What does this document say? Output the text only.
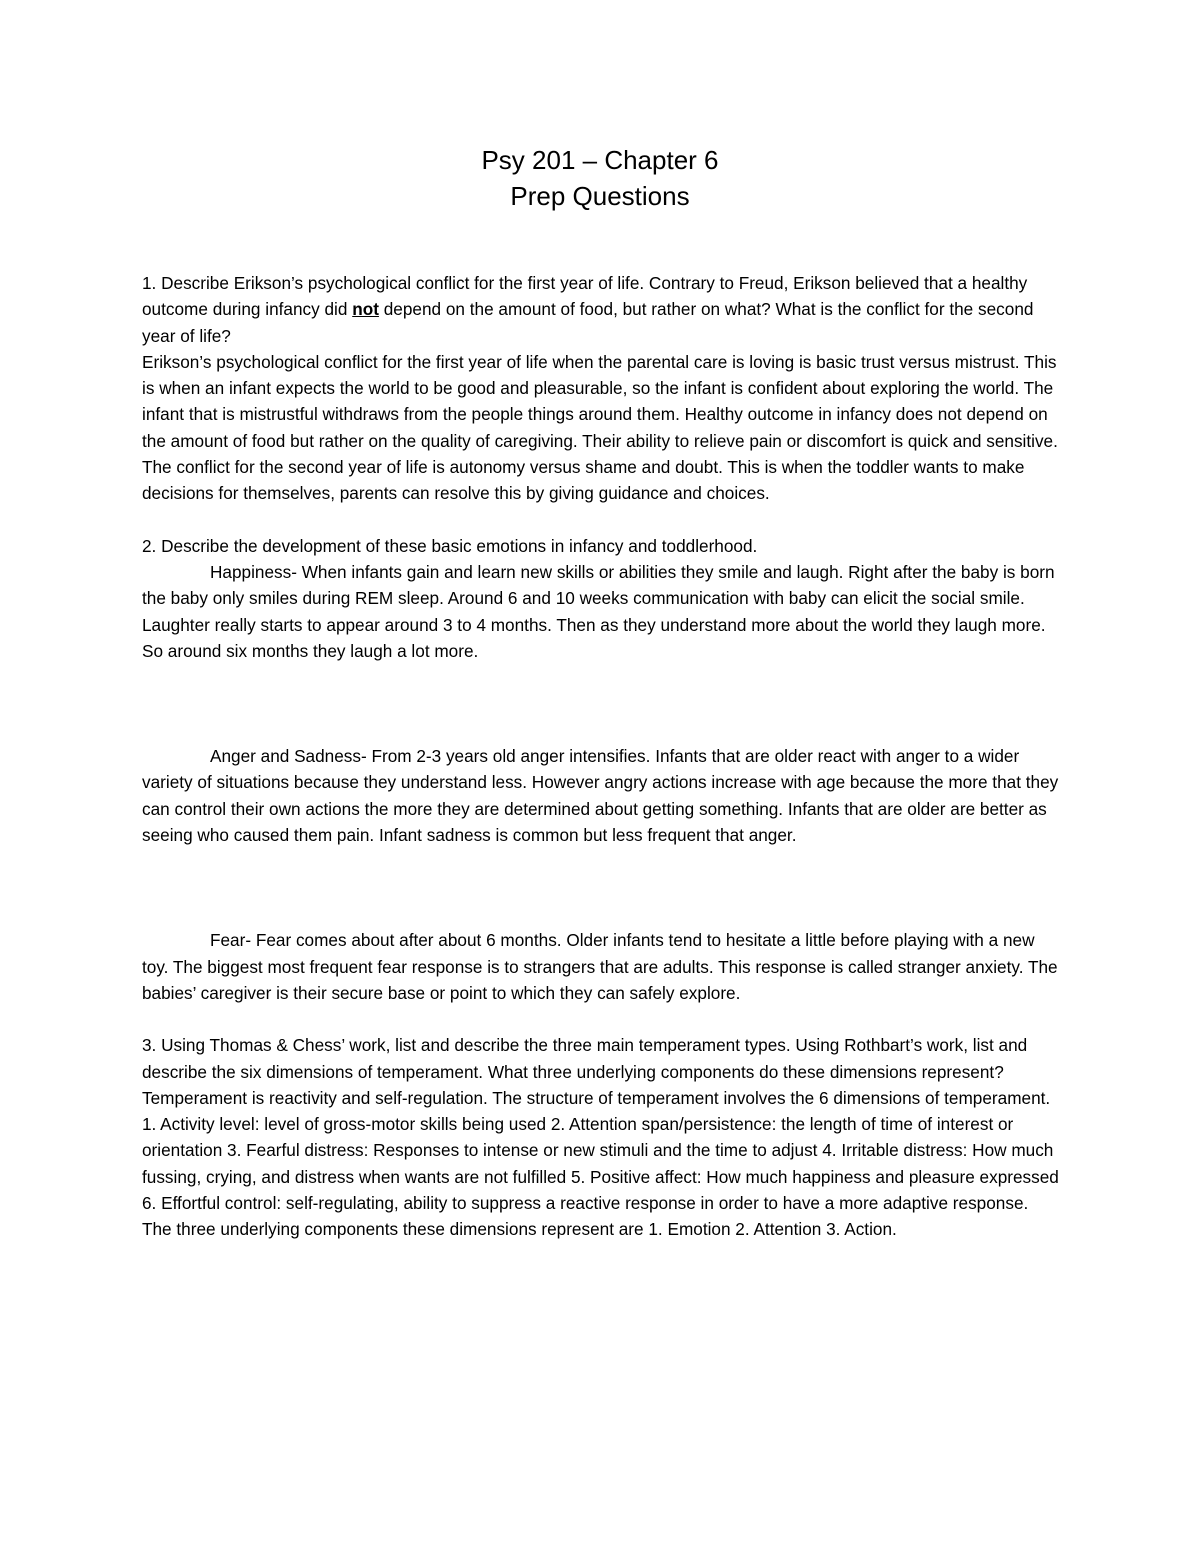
Psy 201 – Chapter 6
Prep Questions

1. Describe Erikson’s psychological conflict for the first year of life. Contrary to Freud, Erikson believed that a healthy outcome during infancy did not depend on the amount of food, but rather on what? What is the conflict for the second year of life?

Erikson’s psychological conflict for the first year of life when the parental care is loving is basic trust versus mistrust. This is when an infant expects the world to be good and pleasurable, so the infant is confident about exploring the world. The infant that is mistrustful withdraws from the people things around them. Healthy outcome in infancy does not depend on the amount of food but rather on the quality of caregiving. Their ability to relieve pain or discomfort is quick and sensitive. The conflict for the second year of life is autonomy versus shame and doubt. This is when the toddler wants to make decisions for themselves, parents can resolve this by giving guidance and choices.

2. Describe the development of these basic emotions in infancy and toddlerhood.

Happiness- When infants gain and learn new skills or abilities they smile and laugh. Right after the baby is born the baby only smiles during REM sleep. Around 6 and 10 weeks communication with baby can elicit the social smile. Laughter really starts to appear around 3 to 4 months. Then as they understand more about the world they laugh more. So around six months they laugh a lot more.

Anger and Sadness- From 2-3 years old anger intensifies. Infants that are older react with anger to a wider variety of situations because they understand less. However angry actions increase with age because the more that they can control their own actions the more they are determined about getting something. Infants that are older are better as seeing who caused them pain. Infant sadness is common but less frequent that anger.

Fear- Fear comes about after about 6 months. Older infants tend to hesitate a little before playing with a new toy. The biggest most frequent fear response is to strangers that are adults. This response is called stranger anxiety. The babies’ caregiver is their secure base or point to which they can safely explore.

3. Using Thomas & Chess’ work, list and describe the three main temperament types. Using Rothbart’s work, list and describe the six dimensions of temperament. What three underlying components do these dimensions represent?

Temperament is reactivity and self-regulation. The structure of temperament involves the 6 dimensions of temperament. 1. Activity level: level of gross-motor skills being used 2. Attention span/persistence: the length of time of interest or orientation 3. Fearful distress: Responses to intense or new stimuli and the time to adjust 4. Irritable distress: How much fussing, crying, and distress when wants are not fulfilled 5. Positive affect: How much happiness and pleasure expressed 6. Effortful control: self-regulating, ability to suppress a reactive response in order to have a more adaptive response. The three underlying components these dimensions represent are 1. Emotion 2. Attention 3. Action.
